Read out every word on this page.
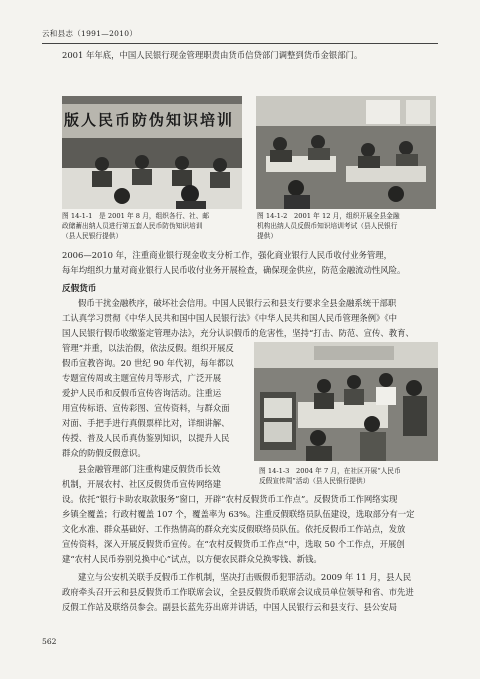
云和县志（1991—2010）
2001 年年底，中国人民银行现金管理职责由货币信贷部门调整到货币金银部门。
版人民币防伪知识培训
图 14-1-1　是 2001 年 8 月，组织各行、社、邮
政储蓄出纳人员进行第五套人民币防伪知识培训
（县人民银行提供）
图 14-1-2　2001 年 12 月，组织开展全县金融
机构出纳人员反假币知识培训考试（县人民银行
提供）
2006—2010 年，注重商业银行现金收支分析工作，强化商业银行人民币收付业务管理，
每年均组织力量对商业银行人民币收付业务开展检查，确保现金供应，防范金融流动性风险。
反假货币
假币干扰金融秩序，破坏社会信用。中国人民银行云和县支行要求全县金融系统干部职
工认真学习贯彻《中华人民共和国中国人民银行法》《中华人民共和国人民币管理条例》《中
国人民银行假币收缴鉴定管理办法》，充分认识假币的危害性，坚持“打击、防范、宣传、教育、
管理”并重，以法治假，依法反假。组织开展反
假币宣教咨询。20 世纪 90 年代初，每年都以
专题宣传周或主题宣传月等形式，广泛开展
爱护人民币和反假币宣传咨询活动。注重运
用宣传标语、宣传彩图、宣传资料，与群众面
对面、手把手进行真假票样比对，详细讲解、
传授、普及人民币真伪鉴别知识，以提升人民
群众的防假反假意识。
县金融管理部门注重构建反假货币长效
机制，开展农村、社区反假货币宣传网络建
设。依托“银行卡助农取款服务”窗口，开辟“农村反假货币工作点”。反假货币工作网络实现
乡镇全覆盖；行政村覆盖 107 个，覆盖率为 63%。注重反假联络员队伍建设，选取部分有一定
文化水准、群众基础好、工作热情高的群众充实反假联络员队伍。依托反假币工作站点，发放
宣传资料，深入开展反假货币宣传。在“农村反假货币工作点”中，选取 50 个工作点，开展创
建“农村人民币券别兑换中心”试点，以方便农民群众兑换零钱、新钱。
图 14-1-3　2004 年 7 月，在社区开展“人民币
反假宣传周”活动（县人民银行提供）
建立与公安机关联手反假币工作机制，坚决打击贩假币犯罪活动。2009 年 11 月，县人民
政府牵头召开云和县反假货币工作联席会议，全县反假货币联席会议成员单位领导和省、市先进
反假工作站及联络员参会。副县长蓝先芬出席并讲话，中国人民银行云和县支行、县公安局
562
